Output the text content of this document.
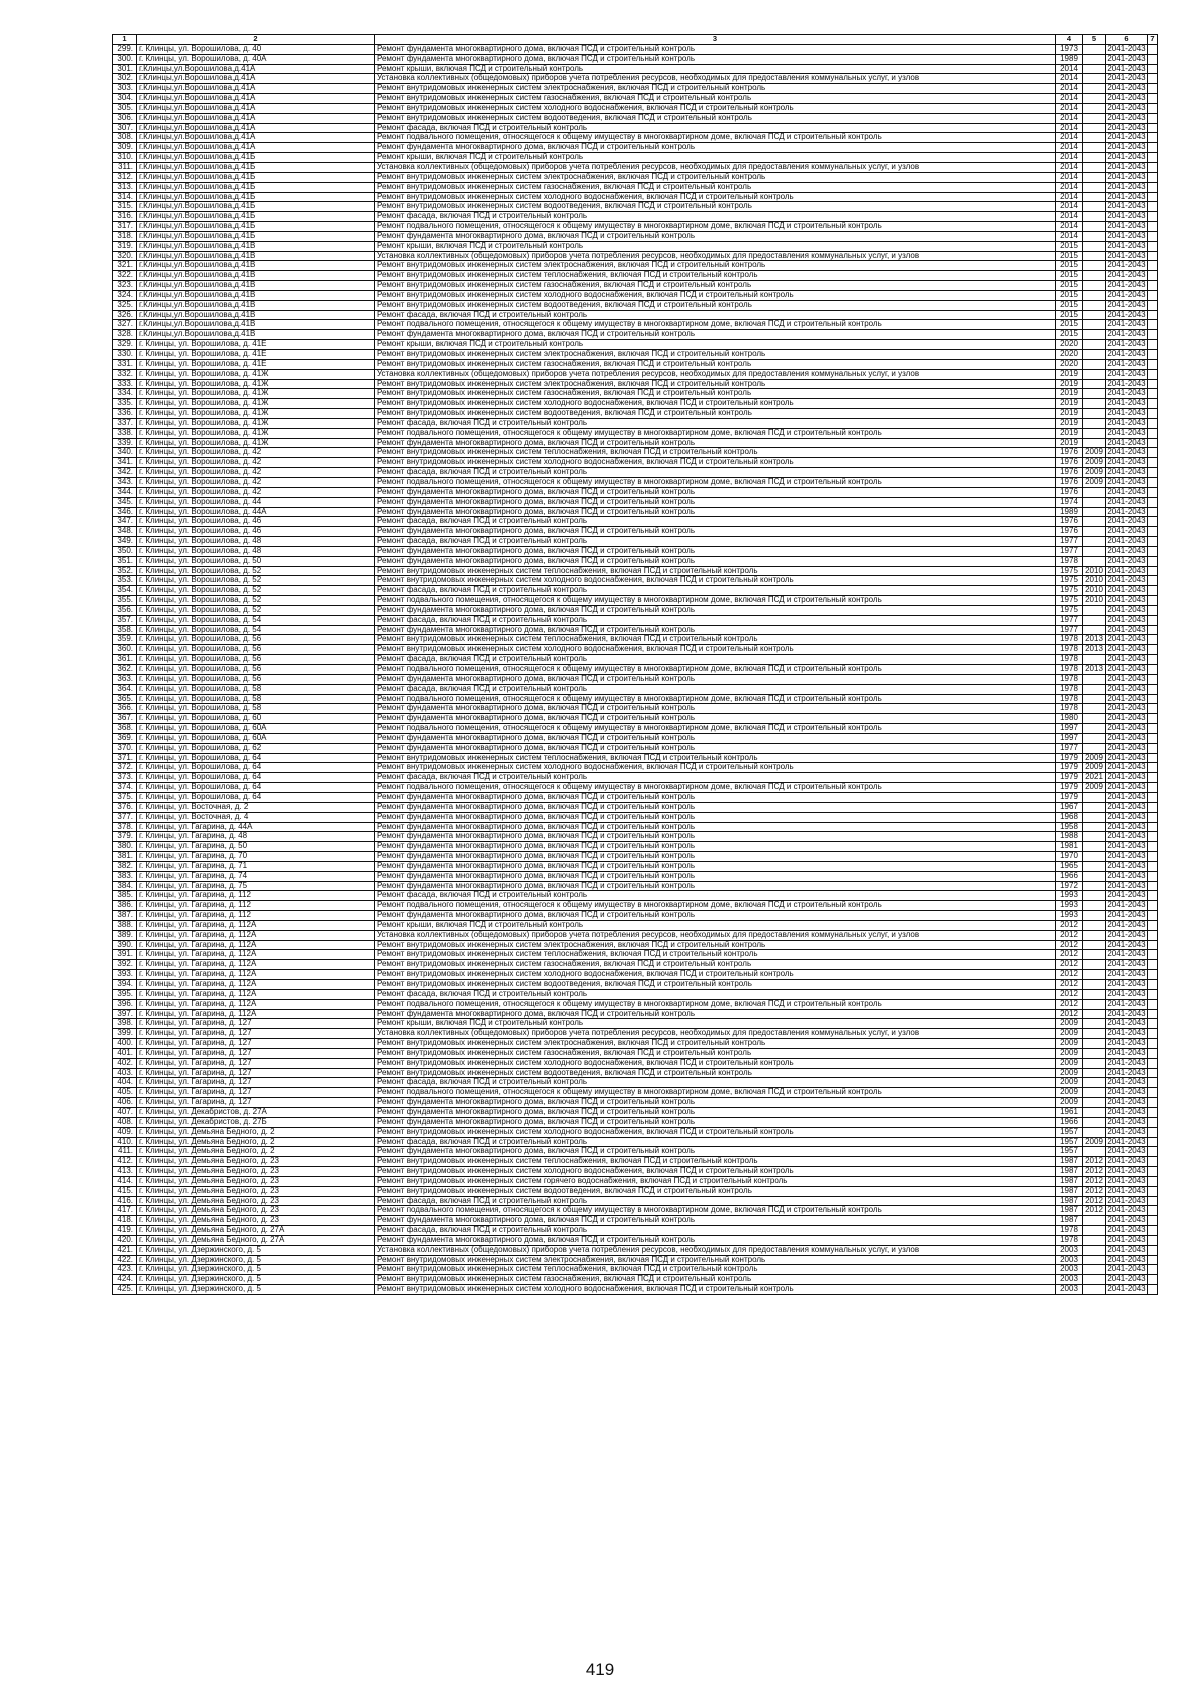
1	2	3	4	5	6	7
299.	г. Клинцы, ул. Ворошилова, д. 40	Ремонт фундамента многоквартирного дома, включая ПСД и строительный контроль	1973		2041-2043	
300.	г. Клинцы, ул. Ворошилова, д. 40А	Ремонт фундамента многоквартирного дома, включая ПСД и строительный контроль	1989		2041-2043	
301.	г.Клинцы,ул.Ворошилова,д.41А	Ремонт крыши, включая ПСД и строительный контроль	2014		2041-2043	
302.	г.Клинцы,ул.Ворошилова,д.41А	Установка коллективных (общедомовых) приборов учета потребления ресурсов, необходимых для предоставления коммунальных услуг, и узлов	2014		2041-2043	
303.	г.Клинцы,ул.Ворошилова,д.41А	Ремонт внутридомовых инженерных систем электроснабжения, включая ПСД и строительный контроль	2014		2041-2043	
304.	г.Клинцы,ул.Ворошилова,д.41А	Ремонт внутридомовых инженерных систем газоснабжения, включая ПСД и строительный контроль	2014		2041-2043	
305.	г.Клинцы,ул.Ворошилова,д.41А	Ремонт внутридомовых инженерных систем холодного водоснабжения, включая ПСД и строительный контроль	2014		2041-2043	
306.	г.Клинцы,ул.Ворошилова,д.41А	Ремонт внутридомовых инженерных систем водоотведения, включая ПСД и строительный контроль	2014		2041-2043	
307.	г.Клинцы,ул.Ворошилова,д.41А	Ремонт фасада, включая ПСД и строительный контроль	2014		2041-2043	
308.	г.Клинцы,ул.Ворошилова,д.41А	Ремонт подвального помещения, относящегося к общему имуществу в многоквартирном доме, включая ПСД и строительный контроль	2014		2041-2043	
309.	г.Клинцы,ул.Ворошилова,д.41А	Ремонт фундамента многоквартирного дома, включая ПСД и строительный контроль	2014		2041-2043	
310.	г.Клинцы,ул.Ворошилова,д.41Б	Ремонт крыши, включая ПСД и строительный контроль	2014		2041-2043	
311.	г.Клинцы,ул.Ворошилова,д.41Б	Установка коллективных (общедомовых) приборов учета потребления ресурсов, необходимых для предоставления коммунальных услуг, и узлов	2014		2041-2043	
312.	г.Клинцы,ул.Ворошилова,д.41Б	Ремонт внутридомовых инженерных систем электроснабжения, включая ПСД и строительный контроль	2014		2041-2043	
313.	г.Клинцы,ул.Ворошилова,д.41Б	Ремонт внутридомовых инженерных систем газоснабжения, включая ПСД и строительный контроль	2014		2041-2043	
314.	г.Клинцы,ул.Ворошилова,д.41Б	Ремонт внутридомовых инженерных систем холодного водоснабжения, включая ПСД и строительный контроль	2014		2041-2043	
315.	г.Клинцы,ул.Ворошилова,д.41Б	Ремонт внутридомовых инженерных систем водоотведения, включая ПСД и строительный контроль	2014		2041-2043	
316.	г.Клинцы,ул.Ворошилова,д.41Б	Ремонт фасада, включая ПСД и строительный контроль	2014		2041-2043	
317.	г.Клинцы,ул.Ворошилова,д.41Б	Ремонт подвального помещения, относящегося к общему имуществу в многоквартирном доме, включая ПСД и строительный контроль	2014		2041-2043	
318.	г.Клинцы,ул.Ворошилова,д.41Б	Ремонт фундамента многоквартирного дома, включая ПСД и строительный контроль	2014		2041-2043	
319.	г.Клинцы,ул.Ворошилова,д.41В	Ремонт крыши, включая ПСД и строительный контроль	2015		2041-2043	
320.	г.Клинцы,ул.Ворошилова,д.41В	Установка коллективных (общедомовых) приборов учета потребления ресурсов, необходимых для предоставления коммунальных услуг, и узлов	2015		2041-2043	
321.	г.Клинцы,ул.Ворошилова,д.41В	Ремонт внутридомовых инженерных систем электроснабжения, включая ПСД и строительный контроль	2015		2041-2043	
322.	г.Клинцы,ул.Ворошилова,д.41В	Ремонт внутридомовых инженерных систем теплоснабжения, включая ПСД и строительный контроль	2015		2041-2043	
323.	г.Клинцы,ул.Ворошилова,д.41В	Ремонт внутридомовых инженерных систем газоснабжения, включая ПСД и строительный контроль	2015		2041-2043	
324.	г.Клинцы,ул.Ворошилова,д.41В	Ремонт внутридомовых инженерных систем холодного водоснабжения, включая ПСД и строительный контроль	2015		2041-2043	
325.	г.Клинцы,ул.Ворошилова,д.41В	Ремонт внутридомовых инженерных систем водоотведения, включая ПСД и строительный контроль	2015		2041-2043	
326.	г.Клинцы,ул.Ворошилова,д.41В	Ремонт фасада, включая ПСД и строительный контроль	2015		2041-2043	
327.	г.Клинцы,ул.Ворошилова,д.41В	Ремонт подвального помещения, относящегося к общему имуществу в многоквартирном доме, включая ПСД и строительный контроль	2015		2041-2043	
328.	г.Клинцы,ул.Ворошилова,д.41В	Ремонт фундамента многоквартирного дома, включая ПСД и строительный контроль	2015		2041-2043	
329.	г. Клинцы, ул. Ворошилова, д. 41Е	Ремонт крыши, включая ПСД и строительный контроль	2020		2041-2043	
330.	г. Клинцы, ул. Ворошилова, д. 41Е	Ремонт внутридомовых инженерных систем электроснабжения, включая ПСД и строительный контроль	2020		2041-2043	
331.	г. Клинцы, ул. Ворошилова, д. 41Е	Ремонт внутридомовых инженерных систем газоснабжения, включая ПСД и строительный контроль	2020		2041-2043	
332.	г. Клинцы, ул. Ворошилова, д. 41Ж	Установка коллективных (общедомовых) приборов учета потребления ресурсов, необходимых для предоставления коммунальных услуг, и узлов	2019		2041-2043	
333.	г. Клинцы, ул. Ворошилова, д. 41Ж	Ремонт внутридомовых инженерных систем электроснабжения, включая ПСД и строительный контроль	2019		2041-2043	
334.	г. Клинцы, ул. Ворошилова, д. 41Ж	Ремонт внутридомовых инженерных систем газоснабжения, включая ПСД и строительный контроль	2019		2041-2043	
335.	г. Клинцы, ул. Ворошилова, д. 41Ж	Ремонт внутридомовых инженерных систем холодного водоснабжения, включая ПСД и строительный контроль	2019		2041-2043	
336.	г. Клинцы, ул. Ворошилова, д. 41Ж	Ремонт внутридомовых инженерных систем водоотведения, включая ПСД и строительный контроль	2019		2041-2043	
337.	г. Клинцы, ул. Ворошилова, д. 41Ж	Ремонт фасада, включая ПСД и строительный контроль	2019		2041-2043	
338.	г. Клинцы, ул. Ворошилова, д. 41Ж	Ремонт подвального помещения, относящегося к общему имуществу в многоквартирном доме, включая ПСД и строительный контроль	2019		2041-2043	
339.	г. Клинцы, ул. Ворошилова, д. 41Ж	Ремонт фундамента многоквартирного дома, включая ПСД и строительный контроль	2019		2041-2043	
340.	г. Клинцы, ул. Ворошилова, д. 42	Ремонт внутридомовых инженерных систем теплоснабжения, включая ПСД и строительный контроль	1976	2009	2041-2043	
341.	г. Клинцы, ул. Ворошилова, д. 42	Ремонт внутридомовых инженерных систем холодного водоснабжения, включая ПСД и строительный контроль	1976	2009	2041-2043	
342.	г. Клинцы, ул. Ворошилова, д. 42	Ремонт фасада, включая ПСД и строительный контроль	1976	2009	2041-2043	
343.	г. Клинцы, ул. Ворошилова, д. 42	Ремонт подвального помещения, относящегося к общему имуществу в многоквартирном доме, включая ПСД и строительный контроль	1976	2009	2041-2043	
344.	г. Клинцы, ул. Ворошилова, д. 42	Ремонт фундамента многоквартирного дома, включая ПСД и строительный контроль	1976		2041-2043	
345.	г. Клинцы, ул. Ворошилова, д. 44	Ремонт фундамента многоквартирного дома, включая ПСД и строительный контроль	1974		2041-2043	
346.	г. Клинцы, ул. Ворошилова, д. 44А	Ремонт фундамента многоквартирного дома, включая ПСД и строительный контроль	1989		2041-2043	
347.	г. Клинцы, ул. Ворошилова, д. 46	Ремонт фасада, включая ПСД и строительный контроль	1976		2041-2043	
348.	г. Клинцы, ул. Ворошилова, д. 46	Ремонт фундамента многоквартирного дома, включая ПСД и строительный контроль	1976		2041-2043	
349.	г. Клинцы, ул. Ворошилова, д. 48	Ремонт фасада, включая ПСД и строительный контроль	1977		2041-2043	
350.	г. Клинцы, ул. Ворошилова, д. 48	Ремонт фундамента многоквартирного дома, включая ПСД и строительный контроль	1977		2041-2043	
351.	г. Клинцы, ул. Ворошилова, д. 50	Ремонт фундамента многоквартирного дома, включая ПСД и строительный контроль	1978		2041-2043	
352.	г. Клинцы, ул. Ворошилова, д. 52	Ремонт внутридомовых инженерных систем теплоснабжения, включая ПСД и строительный контроль	1975	2010	2041-2043	
353.	г. Клинцы, ул. Ворошилова, д. 52	Ремонт внутридомовых инженерных систем холодного водоснабжения, включая ПСД и строительный контроль	1975	2010	2041-2043	
354.	г. Клинцы, ул. Ворошилова, д. 52	Ремонт фасада, включая ПСД и строительный контроль	1975	2010	2041-2043	
355.	г. Клинцы, ул. Ворошилова, д. 52	Ремонт подвального помещения, относящегося к общему имуществу в многоквартирном доме, включая ПСД и строительный контроль	1975	2010	2041-2043	
356.	г. Клинцы, ул. Ворошилова, д. 52	Ремонт фундамента многоквартирного дома, включая ПСД и строительный контроль	1975		2041-2043	
357.	г. Клинцы, ул. Ворошилова, д. 54	Ремонт фасада, включая ПСД и строительный контроль	1977		2041-2043	
358.	г. Клинцы, ул. Ворошилова, д. 54	Ремонт фундамента многоквартирного дома, включая ПСД и строительный контроль	1977		2041-2043	
359.	г. Клинцы, ул. Ворошилова, д. 56	Ремонт внутридомовых инженерных систем теплоснабжения, включая ПСД и строительный контроль	1978	2013	2041-2043	
360.	г. Клинцы, ул. Ворошилова, д. 56	Ремонт внутридомовых инженерных систем холодного водоснабжения, включая ПСД и строительный контроль	1978	2013	2041-2043	
361.	г. Клинцы, ул. Ворошилова, д. 56	Ремонт фасада, включая ПСД и строительный контроль	1978		2041-2043	
362.	г. Клинцы, ул. Ворошилова, д. 56	Ремонт подвального помещения, относящегося к общему имуществу в многоквартирном доме, включая ПСД и строительный контроль	1978	2013	2041-2043	
363.	г. Клинцы, ул. Ворошилова, д. 56	Ремонт фундамента многоквартирного дома, включая ПСД и строительный контроль	1978		2041-2043	
364.	г. Клинцы, ул. Ворошилова, д. 58	Ремонт фасада, включая ПСД и строительный контроль	1978		2041-2043	
365.	г. Клинцы, ул. Ворошилова, д. 58	Ремонт подвального помещения, относящегося к общему имуществу в многоквартирном доме, включая ПСД и строительный контроль	1978		2041-2043	
366.	г. Клинцы, ул. Ворошилова, д. 58	Ремонт фундамента многоквартирного дома, включая ПСД и строительный контроль	1978		2041-2043	
367.	г. Клинцы, ул. Ворошилова, д. 60	Ремонт фундамента многоквартирного дома, включая ПСД и строительный контроль	1980		2041-2043	
368.	г. Клинцы, ул. Ворошилова, д. 60А	Ремонт подвального помещения, относящегося к общему имуществу в многоквартирном доме, включая ПСД и строительный контроль	1997		2041-2043	
369.	г. Клинцы, ул. Ворошилова, д. 60А	Ремонт фундамента многоквартирного дома, включая ПСД и строительный контроль	1997		2041-2043	
370.	г. Клинцы, ул. Ворошилова, д. 62	Ремонт фундамента многоквартирного дома, включая ПСД и строительный контроль	1977		2041-2043	
371.	г. Клинцы, ул. Ворошилова, д. 64	Ремонт внутридомовых инженерных систем теплоснабжения, включая ПСД и строительный контроль	1979	2009	2041-2043	
372.	г. Клинцы, ул. Ворошилова, д. 64	Ремонт внутридомовых инженерных систем холодного водоснабжения, включая ПСД и строительный контроль	1979	2009	2041-2043	
373.	г. Клинцы, ул. Ворошилова, д. 64	Ремонт фасада, включая ПСД и строительный контроль	1979	2021	2041-2043	
374.	г. Клинцы, ул. Ворошилова, д. 64	Ремонт подвального помещения, относящегося к общему имуществу в многоквартирном доме, включая ПСД и строительный контроль	1979	2009	2041-2043	
375.	г. Клинцы, ул. Ворошилова, д. 64	Ремонт фундамента многоквартирного дома, включая ПСД и строительный контроль	1979		2041-2043	
376.	г. Клинцы, ул. Восточная, д. 2	Ремонт фундамента многоквартирного дома, включая ПСД и строительный контроль	1967		2041-2043	
377.	г. Клинцы, ул. Восточная, д. 4	Ремонт фундамента многоквартирного дома, включая ПСД и строительный контроль	1968		2041-2043	
378.	г. Клинцы, ул. Гагарина, д. 44А	Ремонт фундамента многоквартирного дома, включая ПСД и строительный контроль	1958		2041-2043	
379.	г. Клинцы, ул. Гагарина, д. 48	Ремонт фундамента многоквартирного дома, включая ПСД и строительный контроль	1988		2041-2043	
380.	г. Клинцы, ул. Гагарина, д. 50	Ремонт фундамента многоквартирного дома, включая ПСД и строительный контроль	1981		2041-2043	
381.	г. Клинцы, ул. Гагарина, д. 70	Ремонт фундамента многоквартирного дома, включая ПСД и строительный контроль	1970		2041-2043	
382.	г. Клинцы, ул. Гагарина, д. 71	Ремонт фундамента многоквартирного дома, включая ПСД и строительный контроль	1965		2041-2043	
383.	г. Клинцы, ул. Гагарина, д. 74	Ремонт фундамента многоквартирного дома, включая ПСД и строительный контроль	1966		2041-2043	
384.	г. Клинцы, ул. Гагарина, д. 75	Ремонт фундамента многоквартирного дома, включая ПСД и строительный контроль	1972		2041-2043	
385.	г. Клинцы, ул. Гагарина, д. 112	Ремонт фасада, включая ПСД и строительный контроль	1993		2041-2043	
386.	г. Клинцы, ул. Гагарина, д. 112	Ремонт подвального помещения, относящегося к общему имуществу в многоквартирном доме, включая ПСД и строительный контроль	1993		2041-2043	
387.	г. Клинцы, ул. Гагарина, д. 112	Ремонт фундамента многоквартирного дома, включая ПСД и строительный контроль	1993		2041-2043	
388.	г. Клинцы, ул. Гагарина, д. 112А	Ремонт крыши, включая ПСД и строительный контроль	2012		2041-2043	
389.	г. Клинцы, ул. Гагарина, д. 112А	Установка коллективных (общедомовых) приборов учета потребления ресурсов, необходимых для предоставления коммунальных услуг, и узлов	2012		2041-2043	
390.	г. Клинцы, ул. Гагарина, д. 112А	Ремонт внутридомовых инженерных систем электроснабжения, включая ПСД и строительный контроль	2012		2041-2043	
391.	г. Клинцы, ул. Гагарина, д. 112А	Ремонт внутридомовых инженерных систем теплоснабжения, включая ПСД и строительный контроль	2012		2041-2043	
392.	г. Клинцы, ул. Гагарина, д. 112А	Ремонт внутридомовых инженерных систем газоснабжения, включая ПСД и строительный контроль	2012		2041-2043	
393.	г. Клинцы, ул. Гагарина, д. 112А	Ремонт внутридомовых инженерных систем холодного водоснабжения, включая ПСД и строительный контроль	2012		2041-2043	
394.	г. Клинцы, ул. Гагарина, д. 112А	Ремонт внутридомовых инженерных систем водоотведения, включая ПСД и строительный контроль	2012		2041-2043	
395.	г. Клинцы, ул. Гагарина, д. 112А	Ремонт фасада, включая ПСД и строительный контроль	2012		2041-2043	
396.	г. Клинцы, ул. Гагарина, д. 112А	Ремонт подвального помещения, относящегося к общему имуществу в многоквартирном доме, включая ПСД и строительный контроль	2012		2041-2043	
397.	г. Клинцы, ул. Гагарина, д. 112А	Ремонт фундамента многоквартирного дома, включая ПСД и строительный контроль	2012		2041-2043	
398.	г. Клинцы, ул. Гагарина, д. 127	Ремонт крыши, включая ПСД и строительный контроль	2009		2041-2043	
399.	г. Клинцы, ул. Гагарина, д. 127	Установка коллективных (общедомовых) приборов учета потребления ресурсов, необходимых для предоставления коммунальных услуг, и узлов	2009		2041-2043	
400.	г. Клинцы, ул. Гагарина, д. 127	Ремонт внутридомовых инженерных систем электроснабжения, включая ПСД и строительный контроль	2009		2041-2043	
401.	г. Клинцы, ул. Гагарина, д. 127	Ремонт внутридомовых инженерных систем газоснабжения, включая ПСД и строительный контроль	2009		2041-2043	
402.	г. Клинцы, ул. Гагарина, д. 127	Ремонт внутридомовых инженерных систем холодного водоснабжения, включая ПСД и строительный контроль	2009		2041-2043	
403.	г. Клинцы, ул. Гагарина, д. 127	Ремонт внутридомовых инженерных систем водоотведения, включая ПСД и строительный контроль	2009		2041-2043	
404.	г. Клинцы, ул. Гагарина, д. 127	Ремонт фасада, включая ПСД и строительный контроль	2009		2041-2043	
405.	г. Клинцы, ул. Гагарина, д. 127	Ремонт подвального помещения, относящегося к общему имуществу в многоквартирном доме, включая ПСД и строительный контроль	2009		2041-2043	
406.	г. Клинцы, ул. Гагарина, д. 127	Ремонт фундамента многоквартирного дома, включая ПСД и строительный контроль	2009		2041-2043	
407.	г. Клинцы, ул. Декабристов, д. 27А	Ремонт фундамента многоквартирного дома, включая ПСД и строительный контроль	1961		2041-2043	
408.	г. Клинцы, ул. Декабристов, д. 27Б	Ремонт фундамента многоквартирного дома, включая ПСД и строительный контроль	1966		2041-2043	
409.	г. Клинцы, ул. Демьяна Бедного, д. 2	Ремонт внутридомовых инженерных систем холодного водоснабжения, включая ПСД и строительный контроль	1957		2041-2043	
410.	г. Клинцы, ул. Демьяна Бедного, д. 2	Ремонт фасада, включая ПСД и строительный контроль	1957	2009	2041-2043	
411.	г. Клинцы, ул. Демьяна Бедного, д. 2	Ремонт фундамента многоквартирного дома, включая ПСД и строительный контроль	1957		2041-2043	
412.	г. Клинцы, ул. Демьяна Бедного, д. 23	Ремонт внутридомовых инженерных систем теплоснабжения, включая ПСД и строительный контроль	1987	2012	2041-2043	
413.	г. Клинцы, ул. Демьяна Бедного, д. 23	Ремонт внутридомовых инженерных систем холодного водоснабжения, включая ПСД и строительный контроль	1987	2012	2041-2043	
414.	г. Клинцы, ул. Демьяна Бедного, д. 23	Ремонт внутридомовых инженерных систем горячего водоснабжения, включая ПСД и строительный контроль	1987	2012	2041-2043	
415.	г. Клинцы, ул. Демьяна Бедного, д. 23	Ремонт внутридомовых инженерных систем водоотведения, включая ПСД и строительный контроль	1987	2012	2041-2043	
416.	г. Клинцы, ул. Демьяна Бедного, д. 23	Ремонт фасада, включая ПСД и строительный контроль	1987	2012	2041-2043	
417.	г. Клинцы, ул. Демьяна Бедного, д. 23	Ремонт подвального помещения, относящегося к общему имуществу в многоквартирном доме, включая ПСД и строительный контроль	1987	2012	2041-2043	
418.	г. Клинцы, ул. Демьяна Бедного, д. 23	Ремонт фундамента многоквартирного дома, включая ПСД и строительный контроль	1987		2041-2043	
419.	г. Клинцы, ул. Демьяна Бедного, д. 27А	Ремонт фасада, включая ПСД и строительный контроль	1978		2041-2043	
420.	г. Клинцы, ул. Демьяна Бедного, д. 27А	Ремонт фундамента многоквартирного дома, включая ПСД и строительный контроль	1978		2041-2043	
421.	г. Клинцы, ул. Дзержинского, д. 5	Установка коллективных (общедомовых) приборов учета потребления ресурсов, необходимых для предоставления коммунальных услуг, и узлов	2003		2041-2043	
422.	г. Клинцы, ул. Дзержинского, д. 5	Ремонт внутридомовых инженерных систем электроснабжения, включая ПСД и строительный контроль	2003		2041-2043	
423.	г. Клинцы, ул. Дзержинского, д. 5	Ремонт внутридомовых инженерных систем теплоснабжения, включая ПСД и строительный контроль	2003		2041-2043	
424.	г. Клинцы, ул. Дзержинского, д. 5	Ремонт внутридомовых инженерных систем газоснабжения, включая ПСД и строительный контроль	2003		2041-2043	
425.	г. Клинцы, ул. Дзержинского, д. 5	Ремонт внутридомовых инженерных систем холодного водоснабжения, включая ПСД и строительный контроль	2003		2041-2043	
419
